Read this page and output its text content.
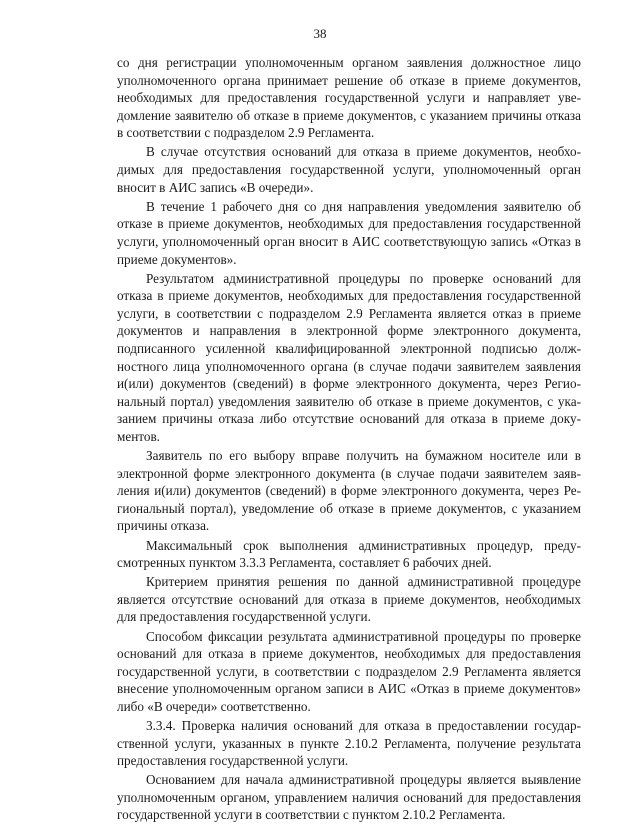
38

со дня регистрации уполномоченным органом заявления должностное лицо уполномоченного органа принимает решение об отказе в приеме документов, необходимых для предоставления государственной услуги и направляет уведомление заявителю об отказе в приеме документов, с указанием причины отказа в соответствии с подразделом 2.9 Регламента.

В случае отсутствия оснований для отказа в приеме документов, необходимых для предоставления государственной услуги, уполномоченный орган вносит в АИС запись «В очереди».

В течение 1 рабочего дня со дня направления уведомления заявителю об отказе в приеме документов, необходимых для предоставления государственной услуги, уполномоченный орган вносит в АИС соответствующую запись «Отказ в приеме документов».

Результатом административной процедуры по проверке оснований для отказа в приеме документов, необходимых для предоставления государственной услуги, в соответствии с подразделом 2.9 Регламента является отказ в приеме документов и направления в электронной форме электронного документа, подписанного усиленной квалифицированной электронной подписью должностного лица уполномоченного органа (в случае подачи заявителем заявления и(или) документов (сведений) в форме электронного документа, через Региональный портал) уведомления заявителю об отказе в приеме документов, с указанием причины отказа либо отсутствие оснований для отказа в приеме документов.

Заявитель по его выбору вправе получить на бумажном носителе или в электронной форме электронного документа (в случае подачи заявителем заявления и(или) документов (сведений) в форме электронного документа, через Региональный портал), уведомление об отказе в приеме документов, с указанием причины отказа.

Максимальный срок выполнения административных процедур, предусмотренных пунктом 3.3.3 Регламента, составляет 6 рабочих дней.

Критерием принятия решения по данной административной процедуре является отсутствие оснований для отказа в приеме документов, необходимых для предоставления государственной услуги.

Способом фиксации результата административной процедуры по проверке оснований для отказа в приеме документов, необходимых для предоставления государственной услуги, в соответствии с подразделом 2.9 Регламента является внесение уполномоченным органом записи в АИС «Отказ в приеме документов» либо «В очереди» соответственно.

3.3.4. Проверка наличия оснований для отказа в предоставлении государственной услуги, указанных в пункте 2.10.2 Регламента, получение результата предоставления государственной услуги.

Основанием для начала административной процедуры является выявление уполномоченным органом, управлением наличия оснований для предоставления государственной услуги в соответствии с пунктом 2.10.2 Регламента.
